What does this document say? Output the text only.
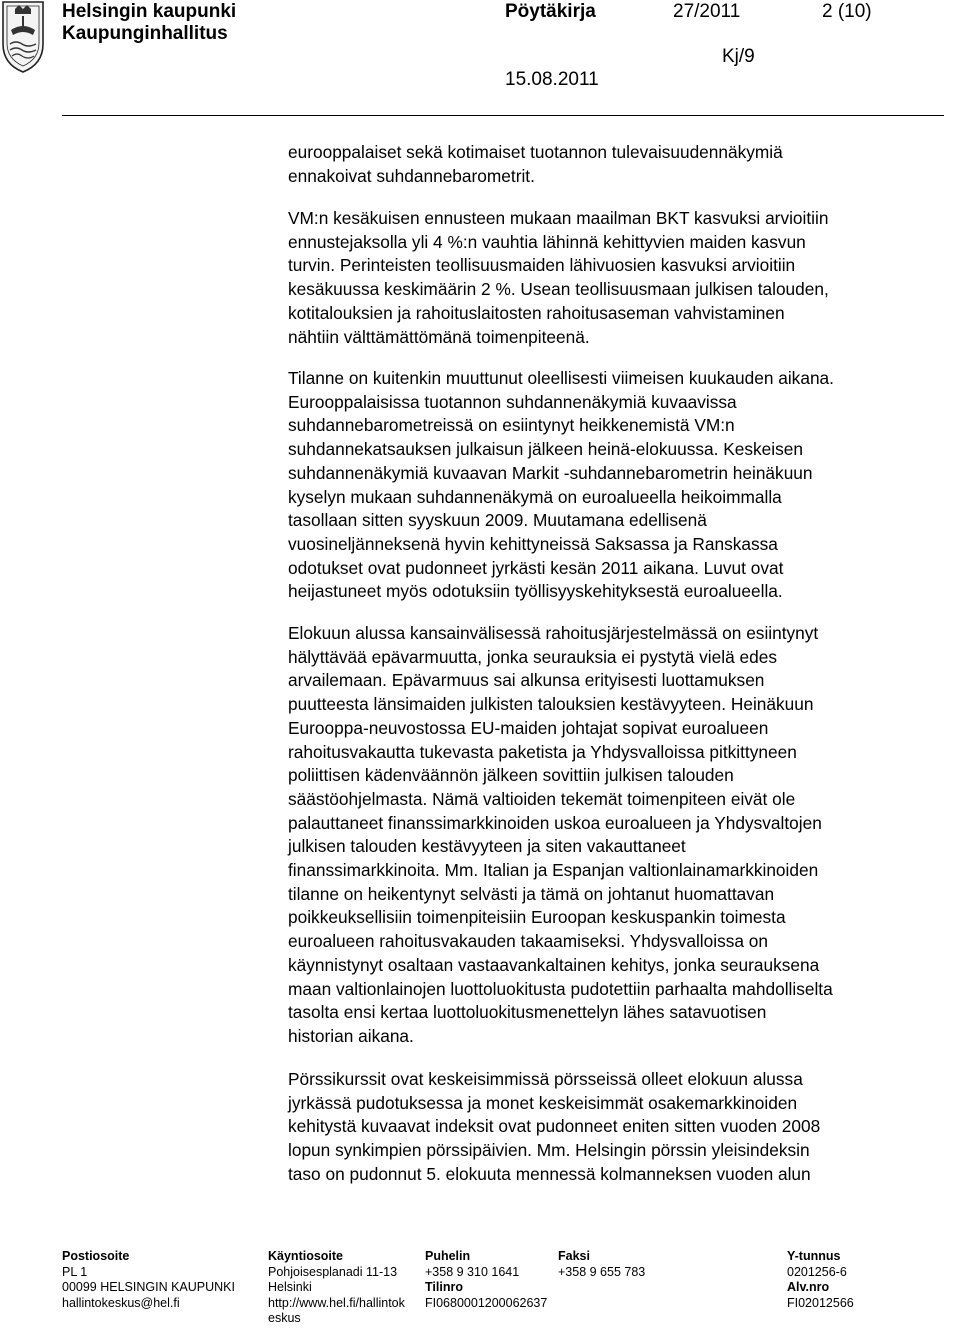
Helsingin kaupunki
Kaupunginhallitus
Pöytäkirja	27/2011	2 (10)
Kj/9
15.08.2011

eurooppalaiset sekä kotimaiset tuotannon tulevaisuudennäkymiä
ennakoivat suhdannebarometrit.

VM:n kesäkuisen ennusteen mukaan maailman BKT kasvuksi arvioitiin
ennustejaksolla yli 4 %:n vauhtia lähinnä kehittyvien maiden kasvun
turvin. Perinteisten teollisuusmaiden lähivuosien kasvuksi arvioitiin
kesäkuussa keskimäärin 2 %. Usean teollisuusmaan julkisen talouden,
kotitalouksien ja rahoituslaitosten rahoitusaseman vahvistaminen
nähtiin välttämättömänä toimenpiteenä.

Tilanne on kuitenkin muuttunut oleellisesti viimeisen kuukauden aikana.
Eurooppalaisissa tuotannon suhdannenäkymiä kuvaavissa
suhdannebarometreissä on esiintynyt heikkenemistä VM:n
suhdannekatsauksen julkaisun jälkeen heinä-elokuussa. Keskeisen
suhdannenäkymiä kuvaavan Markit -suhdannebarometrin heinäkuun
kyselyn mukaan suhdannenäkymä on euroalueella heikoimmalla
tasollaan sitten syyskuun 2009. Muutamana edellisenä
vuosineljänneksenä hyvin kehittyneissä Saksassa ja Ranskassa
odotukset ovat pudonneet jyrkästi kesän 2011 aikana. Luvut ovat
heijastuneet myös odotuksiin työllisyyskehityksestä euroalueella.

Elokuun alussa kansainvälisessä rahoitusjärjestelmässä on esiintynyt
hälyttävää epävarmuutta, jonka seurauksia ei pystytä vielä edes
arvailemaan. Epävarmuus sai alkunsa erityisesti luottamuksen
puutteesta länsimaiden julkisten talouksien kestävyyteen. Heinäkuun
Eurooppa-neuvostossa EU-maiden johtajat sopivat euroalueen
rahoitusvakautta tukevasta paketista ja Yhdysvalloissa pitkittyneen
poliittisen kädenväännön jälkeen sovittiin julkisen talouden
säästöohjelmasta. Nämä valtioiden tekemät toimenpiteen eivät ole
palauttaneet finanssimarkkinoiden uskoa euroalueen ja Yhdysvaltojen
julkisen talouden kestävyyteen ja siten vakauttaneet
finanssimarkkinoita. Mm. Italian ja Espanjan valtionlainamarkkinoiden
tilanne on heikentynyt selvästi ja tämä on johtanut huomattavan
poikkeuksellisiin toimenpiteisiin Euroopan keskuspankin toimesta
euroalueen rahoitusvakauden takaamiseksi. Yhdysvalloissa on
käynnistynyt osaltaan vastaavankaltainen kehitys, jonka seurauksena
maan valtionlainojen luottoluokitusta pudotettiin parhaalta mahdolliselta
tasolta ensi kertaa luottoluokitusmenettelyn lähes satavuotisen
historian aikana.

Pörssikurssit ovat keskeisimmissä pörsseissä olleet elokuun alussa
jyrkässä pudotuksessa ja monet keskeisimmät osakemarkkinoiden
kehitystä kuvaavat indeksit ovat pudonneet eniten sitten vuoden 2008
lopun synkimpien pörssipäivien. Mm. Helsingin pörssin yleisindeksin
taso on pudonnut 5. elokuuta mennessä kolmanneksen vuoden alun

Postiosoite
PL 1
00099 HELSINGIN KAUPUNKI
hallintokeskus@hel.fi
Käyntiosoite
Pohjoisesplanadi 11-13
Helsinki
http://www.hel.fi/hallintok
eskus
Puhelin
+358 9 310 1641
Tilinro
FI0680001200062637
Faksi
+358 9 655 783
Y-tunnus
0201256-6
Alv.nro
FI02012566
